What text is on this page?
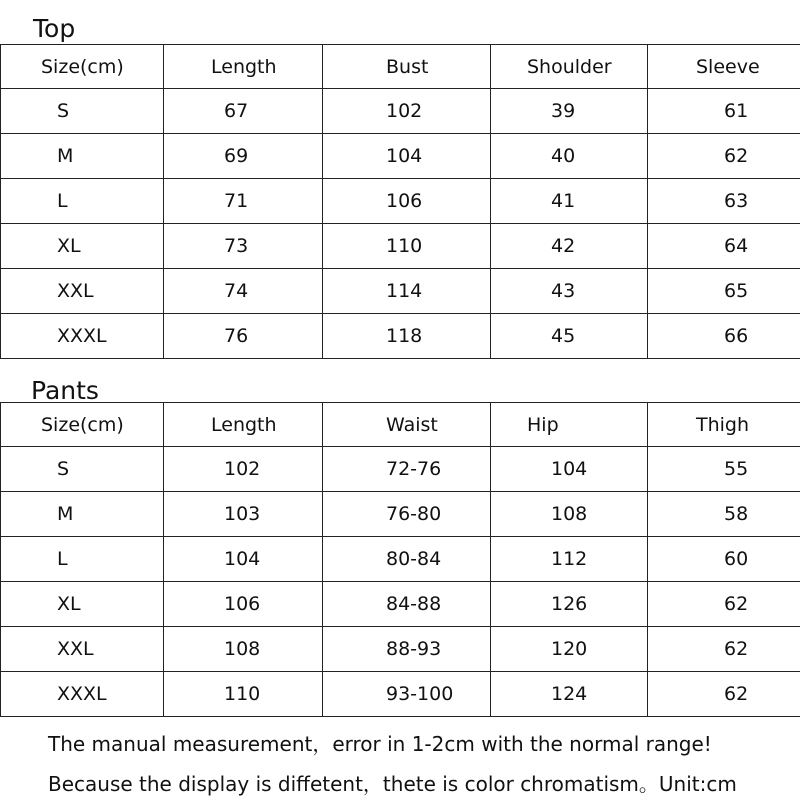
Top
Size(cm)	Length	Bust	Shoulder	Sleeve
S	67	102	39	61
M	69	104	40	62
L	71	106	41	63
XL	73	110	42	64
XXL	74	114	43	65
XXXL	76	118	45	66
Pants
Size(cm)	Length	Waist	Hip	Thigh
S	102	72-76	104	55
M	103	76-80	108	58
L	104	80-84	112	60
XL	106	84-88	126	62
XXL	108	88-93	120	62
XXXL	110	93-100	124	62

The manual measurement，error in 1-2cm with the normal range!

Because the display is diffetent，thete is color chromatism。Unit:cm
